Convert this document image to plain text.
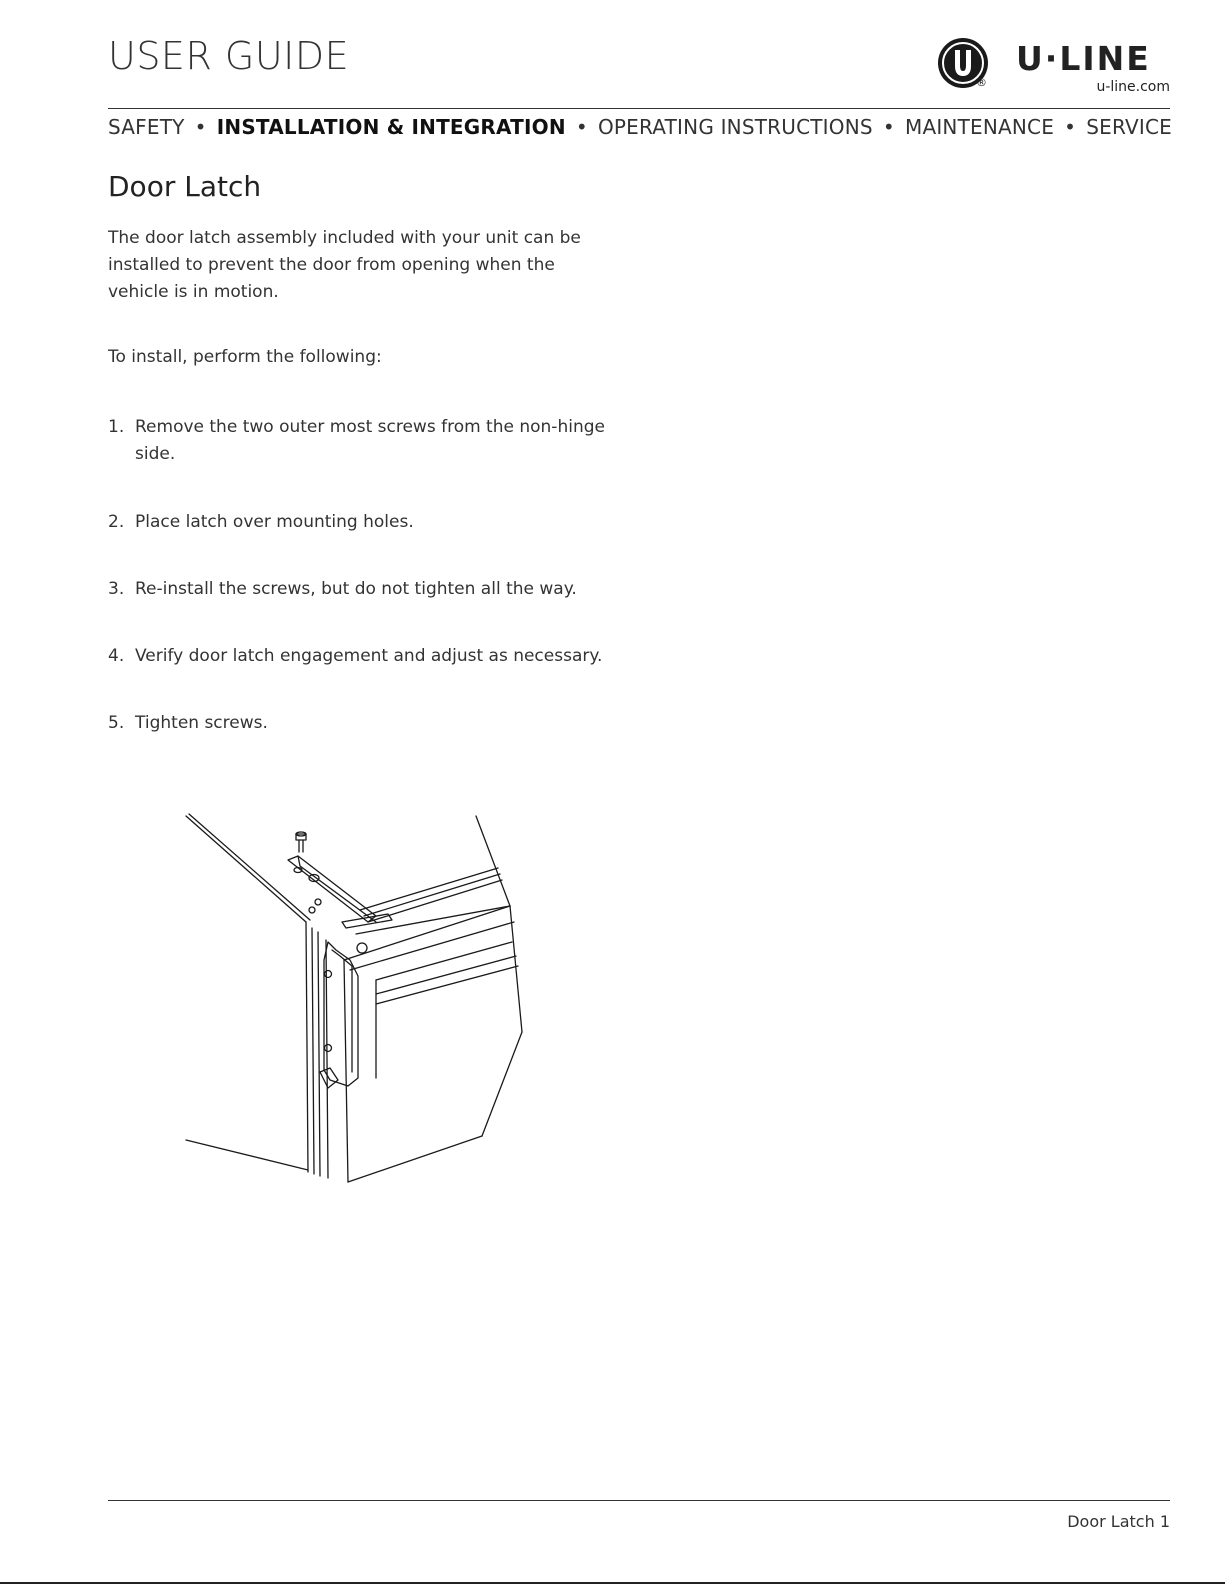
USER GUIDE
®
U·LINE
u-line.com
SAFETY • INSTALLATION & INTEGRATION • OPERATING INSTRUCTIONS • MAINTENANCE • SERVICE
Door Latch

The door latch assembly included with your unit can be installed to prevent the door from opening when the vehicle is in motion.

To install, perform the following:

1. Remove the two outer most screws from the non-hinge side.
2. Place latch over mounting holes.
3. Re-install the screws, but do not tighten all the way.
4. Verify door latch engagement and adjust as necessary.
5. Tighten screws.
Door Latch 1
